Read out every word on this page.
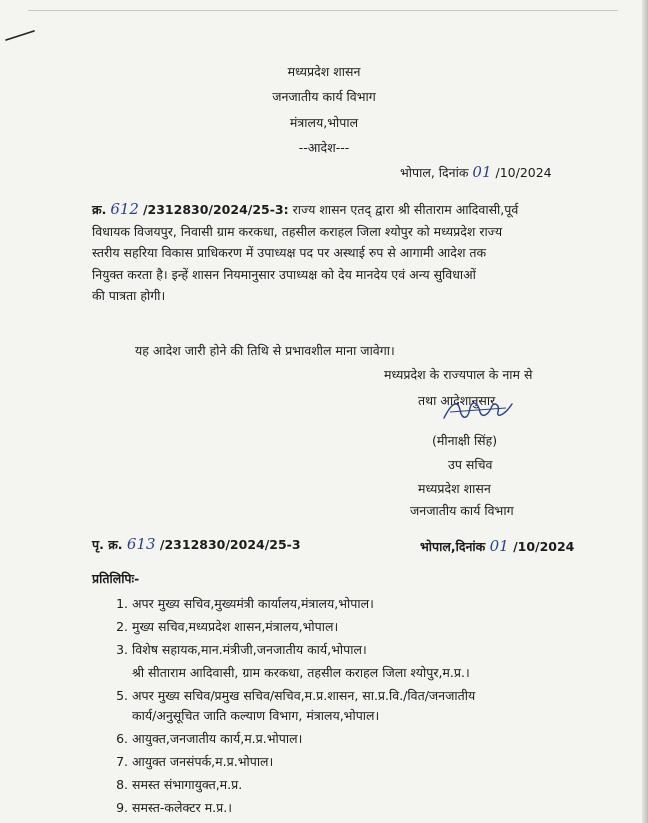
मध्यप्रदेश शासन
जनजातीय कार्य विभाग
मंत्रालय,भोपाल
--आदेश---
भोपाल, दिनांक 01 /10/2024
क्र. 612 /2312830/2024/25-3: राज्य शासन एतद् द्वारा श्री सीताराम आदिवासी,पूर्व
विधायक विजयपुर, निवासी ग्राम करकधा, तहसील कराहल जिला श्योपुर को मध्यप्रदेश राज्य
स्तरीय सहरिया विकास प्राधिकरण में उपाध्यक्ष पद पर अस्थाई रुप से आगामी आदेश तक
नियुक्त करता है। इन्हें शासन नियमानुसार उपाध्यक्ष को देय मानदेय एवं अन्य सुविधाओं
की पात्रता होगी।
यह आदेश जारी होने की तिथि से प्रभावशील माना जावेगा।
मध्यप्रदेश के राज्यपाल के नाम से
तथा आदेशानुसार
(मीनाक्षी सिंह)
उप सचिव
मध्यप्रदेश शासन
जनजातीय कार्य विभाग
पृ. क्र. 613 /2312830/2024/25-3	भोपाल,दिनांक 01 /10/2024
प्रतिलिपिः-
1. अपर मुख्य सचिव,मुख्यमंत्री कार्यालय,मंत्रालय,भोपाल।
2. मुख्य सचिव,मध्यप्रदेश शासन,मंत्रालय,भोपाल।
3. विशेष सहायक,मान.मंत्रीजी,जनजातीय कार्य,भोपाल।
श्री सीताराम आदिवासी, ग्राम करकधा, तहसील कराहल जिला श्योपुर,म.प्र.।
5. अपर मुख्य सचिव/प्रमुख सचिव/सचिव,म.प्र.शासन, सा.प्र.वि./वित/जनजातीय
कार्य/अनुसूचित जाति कल्याण विभाग, मंत्रालय,भोपाल।
6. आयुक्त,जनजातीय कार्य,म.प्र.भोपाल।
7. आयुक्त जनसंपर्क,म.प्र.भोपाल।
8. समस्त संभागायुक्त,म.प्र.
9. समस्त-कलेक्टर म.प्र.।
